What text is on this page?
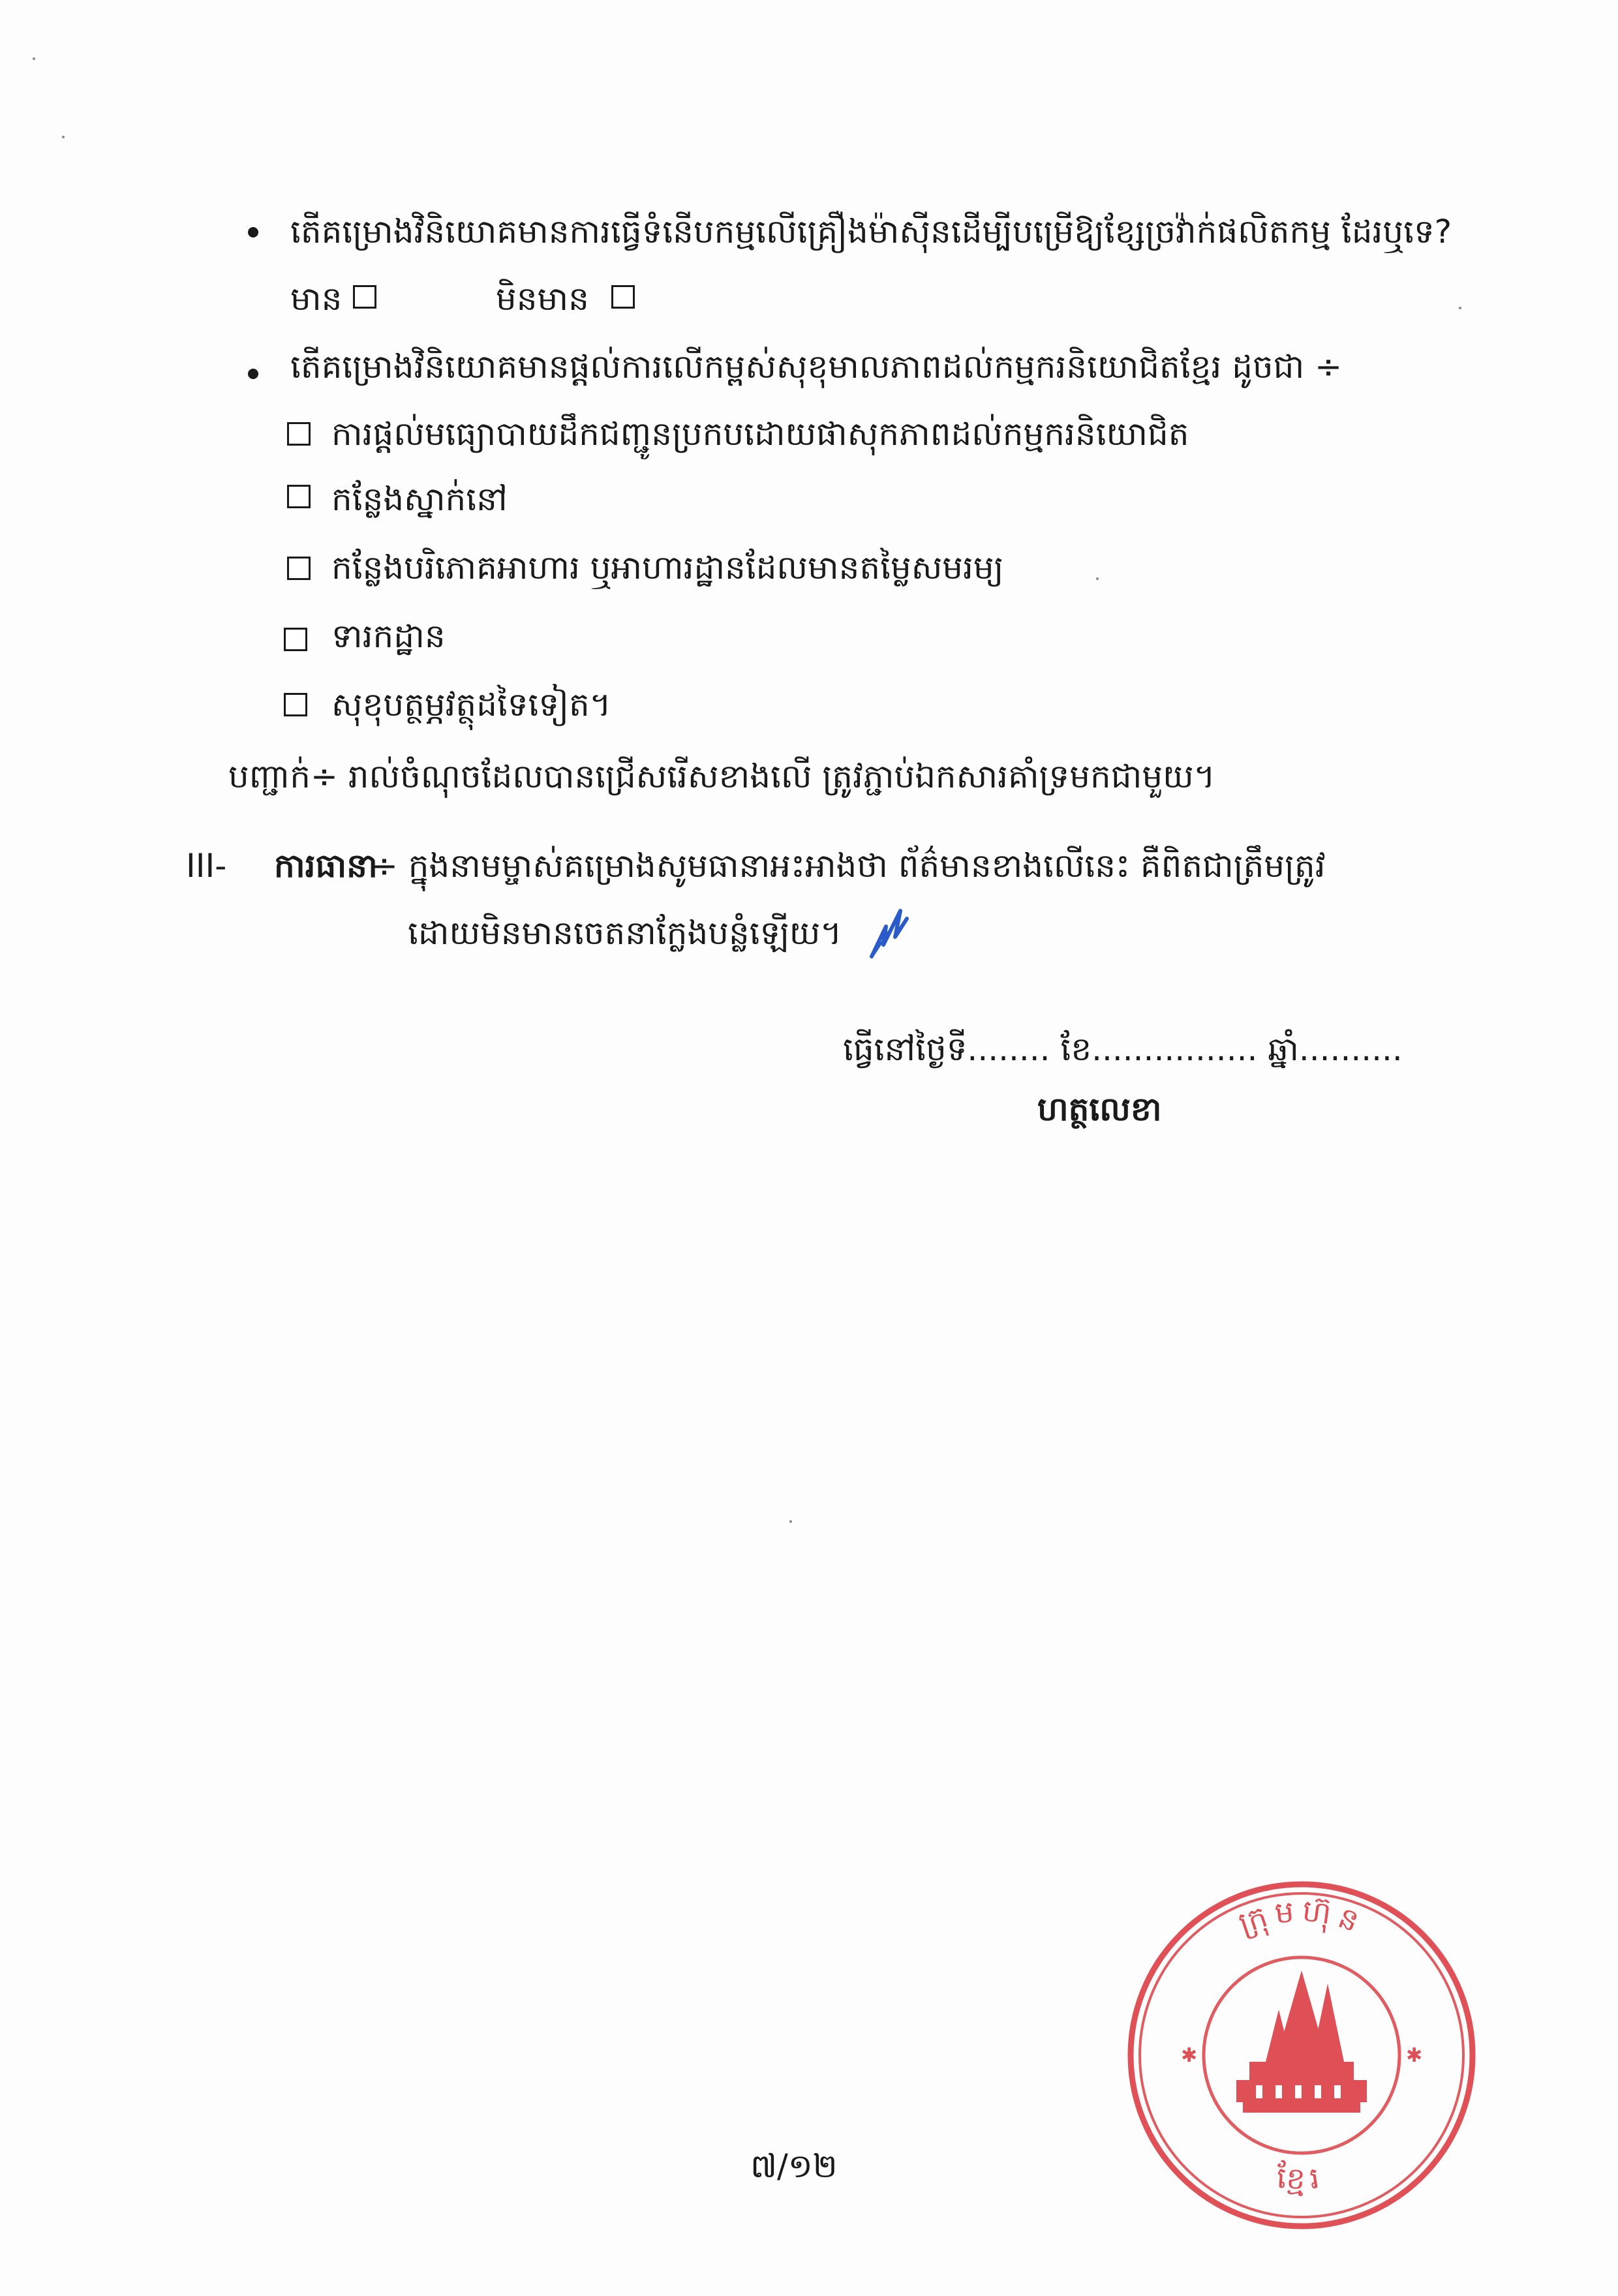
តើគម្រោងវិនិយោគមានការធ្វើទំនើបកម្មលើគ្រឿងម៉ាស៊ីនដើម្បីបម្រើឱ្យខ្សែច្រវ៉ាក់ផលិតកម្ម ដែរឬទេ?
មាន	មិនមាន
តើគម្រោងវិនិយោគមានផ្តល់ការលើកម្ពស់សុខុមាលភាពដល់កម្មករនិយោជិតខ្មែរ ដូចជា ÷
ការផ្តល់មធ្យោបាយដឹកជញ្ជូនប្រកបដោយផាសុកភាពដល់កម្មករនិយោជិត
កន្លែងស្នាក់នៅ
កន្លែងបរិភោគអាហារ ឬអាហារដ្ឋានដែលមានតម្លៃសមរម្យ
ទារកដ្ឋាន
សុខុបត្ថម្ភវត្ថុដទៃទៀត។
បញ្ជាក់÷ រាល់ចំណុចដែលបានជ្រើសរើសខាងលើ ត្រូវភ្ជាប់ឯកសារគាំទ្រមកជាមួយ។
III- ការធានា
÷ ក្នុងនាមម្ចាស់គម្រោងសូមធានាអះអាងថា ព័ត៌មានខាងលើនេះ គឺពិតជាត្រឹមត្រូវ
ដោយមិនមានចេតនាក្លែងបន្លំឡើយ។
ធ្វើនៅថ្ងៃទី........ ខែ................ ឆ្នាំ..........
ហត្ថលេខា
ក្រុមហ៊ុន
ខ្មែរ
✱	✱
៧/១២
